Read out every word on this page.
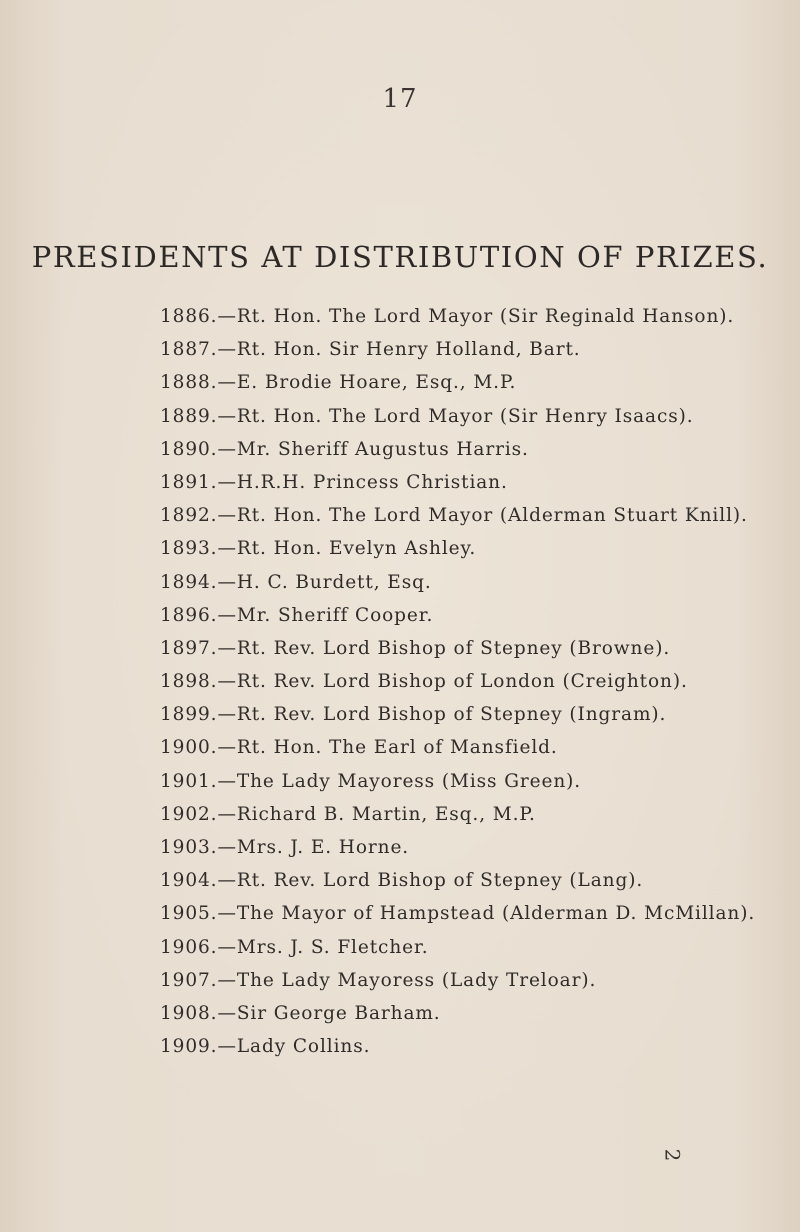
17
PRESIDENTS AT DISTRIBUTION OF PRIZES.
1886.—Rt. Hon. The Lord Mayor (Sir Reginald Hanson).
1887.—Rt. Hon. Sir Henry Holland, Bart.
1888.—E. Brodie Hoare, Esq., M.P.
1889.—Rt. Hon. The Lord Mayor (Sir Henry Isaacs).
1890.—Mr. Sheriff Augustus Harris.
1891.—H.R.H. Princess Christian.
1892.—Rt. Hon. The Lord Mayor (Alderman Stuart Knill).
1893.—Rt. Hon. Evelyn Ashley.
1894.—H. C. Burdett, Esq.
1896.—Mr. Sheriff Cooper.
1897.—Rt. Rev. Lord Bishop of Stepney (Browne).
1898.—Rt. Rev. Lord Bishop of London (Creighton).
1899.—Rt. Rev. Lord Bishop of Stepney (Ingram).
1900.—Rt. Hon. The Earl of Mansfield.
1901.—The Lady Mayoress (Miss Green).
1902.—Richard B. Martin, Esq., M.P.
1903.—Mrs. J. E. Horne.
1904.—Rt. Rev. Lord Bishop of Stepney (Lang).
1905.—The Mayor of Hampstead (Alderman D. McMillan).
1906.—Mrs. J. S. Fletcher.
1907.—The Lady Mayoress (Lady Treloar).
1908.—Sir George Barham.
1909.—Lady Collins.
2
